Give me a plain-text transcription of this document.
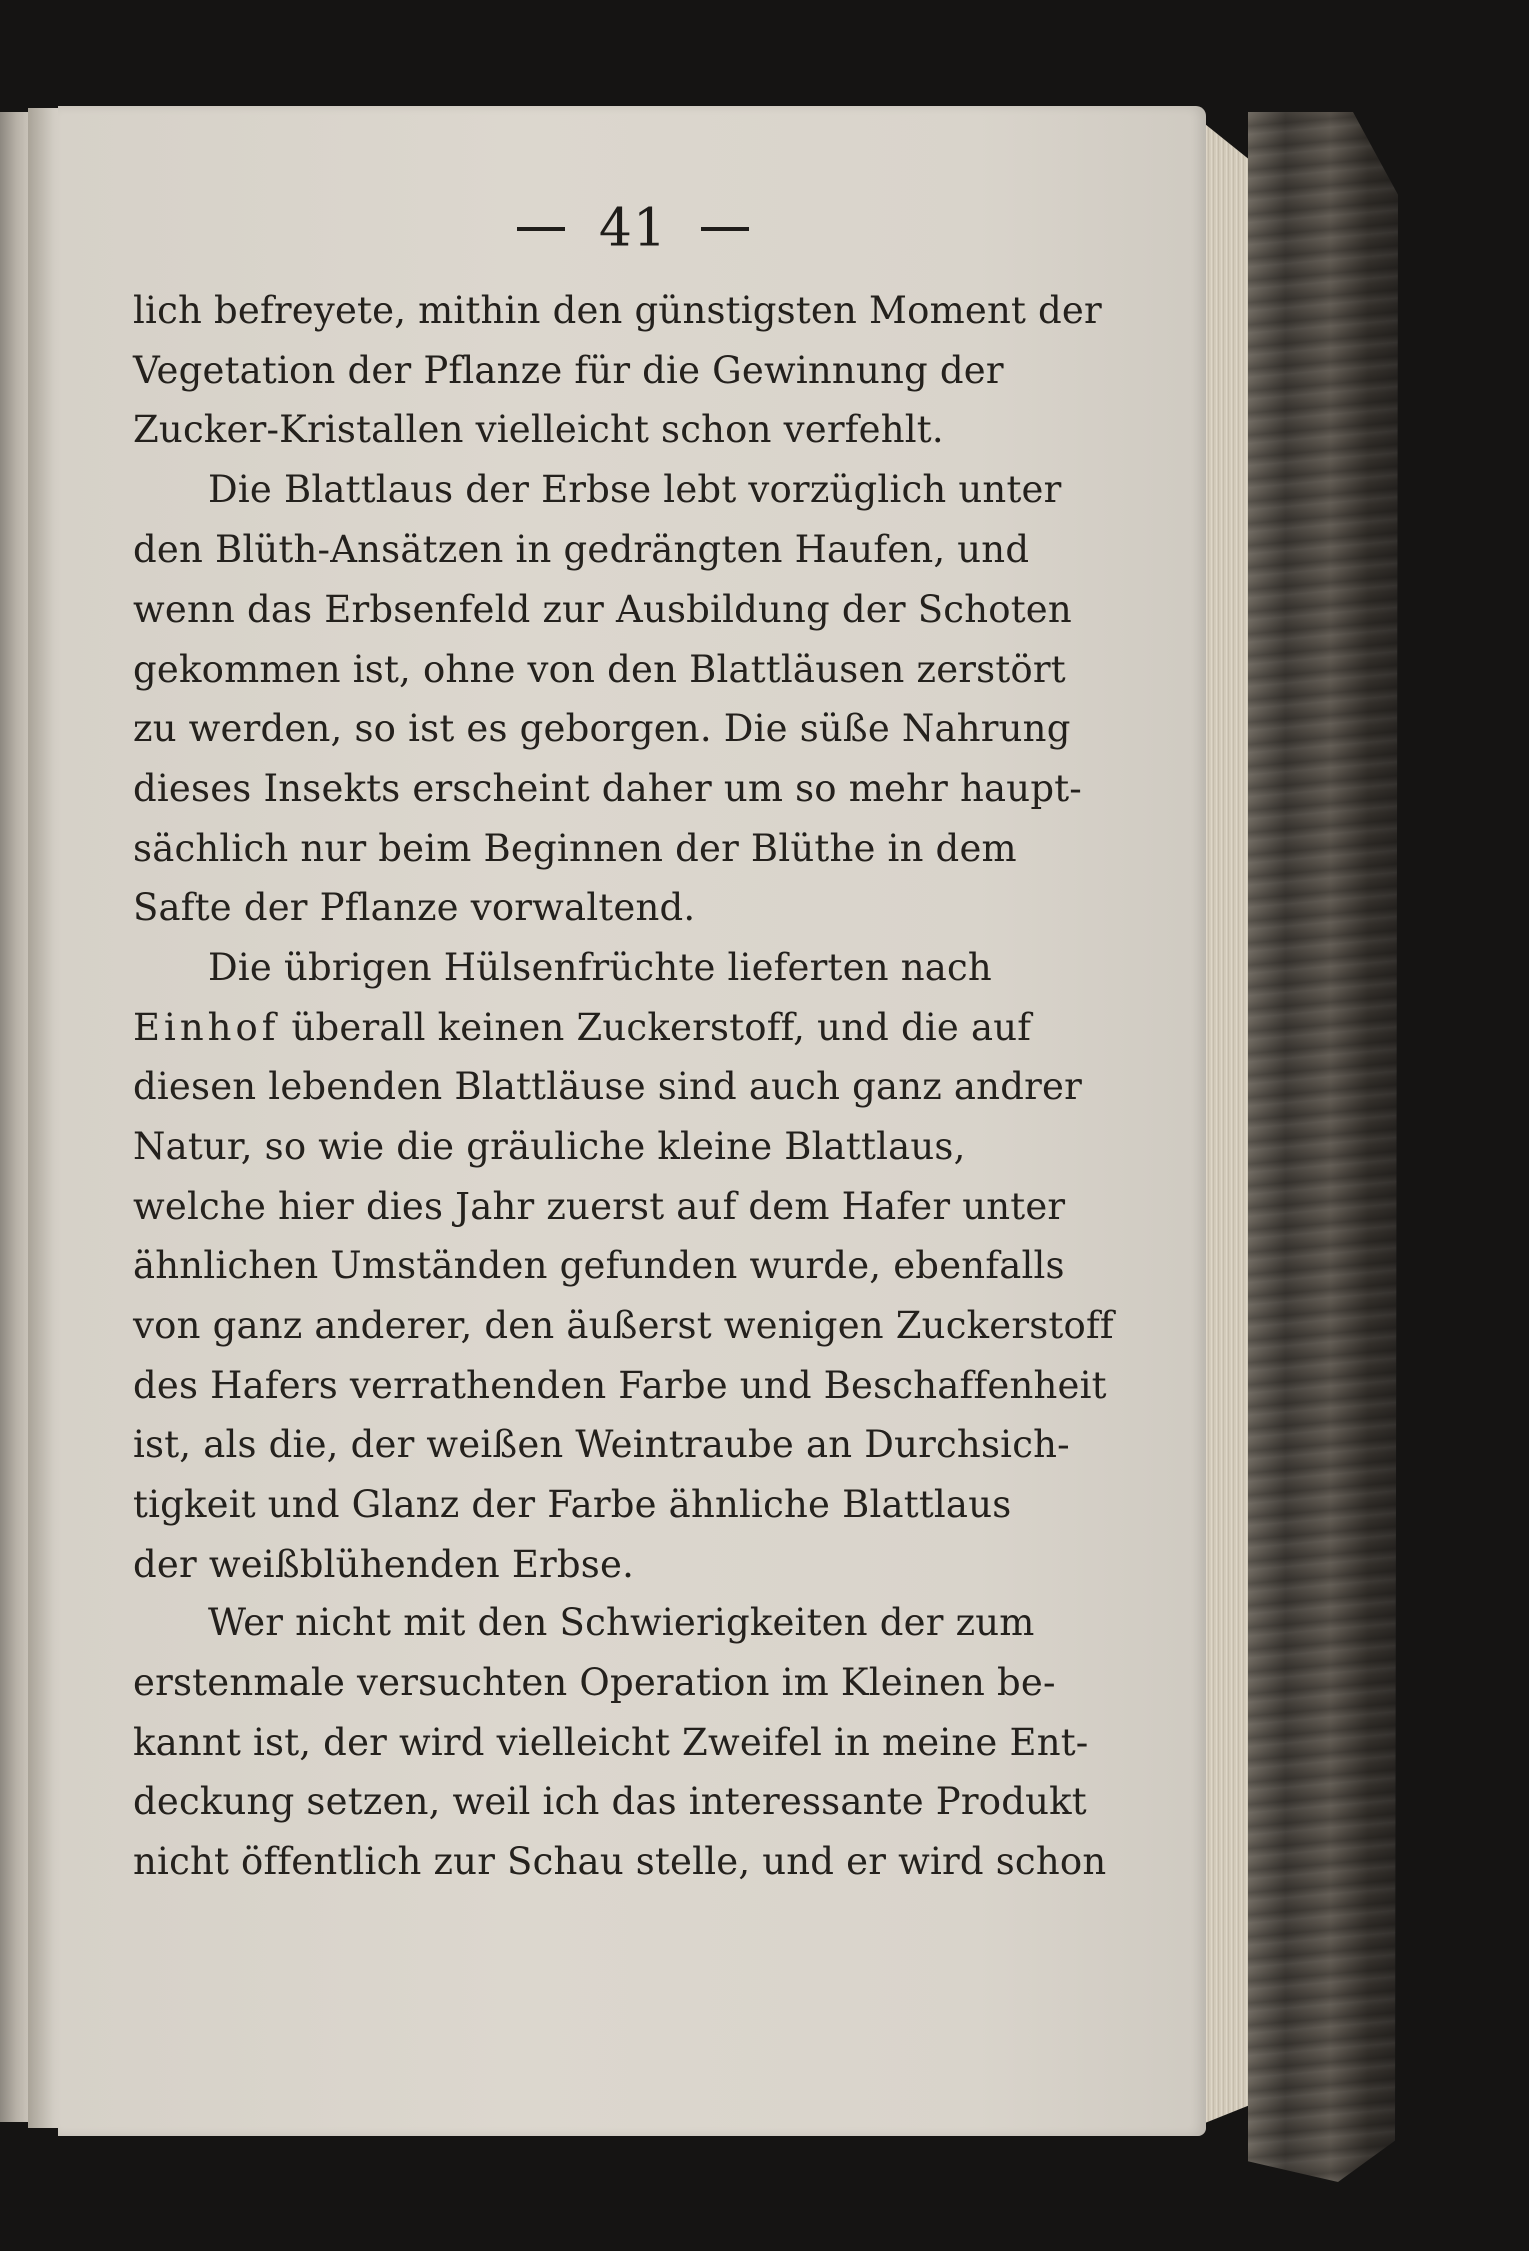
41
lich befreyete, mithin den günstigsten Moment der
Vegetation der Pflanze für die Gewinnung der
Zucker-Kristallen vielleicht schon verfehlt.
Die Blattlaus der Erbse lebt vorzüglich unter
den Blüth-Ansätzen in gedrängten Haufen, und
wenn das Erbsenfeld zur Ausbildung der Schoten
gekommen ist, ohne von den Blattläusen zerstört
zu werden, so ist es geborgen. Die süße Nahrung
dieses Insekts erscheint daher um so mehr haupt-
sächlich nur beim Beginnen der Blüthe in dem
Safte der Pflanze vorwaltend.
Die übrigen Hülsenfrüchte lieferten nach
Einhof überall keinen Zuckerstoff, und die auf
diesen lebenden Blattläuse sind auch ganz andrer
Natur, so wie die gräuliche kleine Blattlaus,
welche hier dies Jahr zuerst auf dem Hafer unter
ähnlichen Umständen gefunden wurde, ebenfalls
von ganz anderer, den äußerst wenigen Zuckerstoff
des Hafers verrathenden Farbe und Beschaffenheit
ist, als die, der weißen Weintraube an Durchsich-
tigkeit und Glanz der Farbe ähnliche Blattlaus
der weißblühenden Erbse.
Wer nicht mit den Schwierigkeiten der zum
erstenmale versuchten Operation im Kleinen be-
kannt ist, der wird vielleicht Zweifel in meine Ent-
deckung setzen, weil ich das interessante Produkt
nicht öffentlich zur Schau stelle, und er wird schon
